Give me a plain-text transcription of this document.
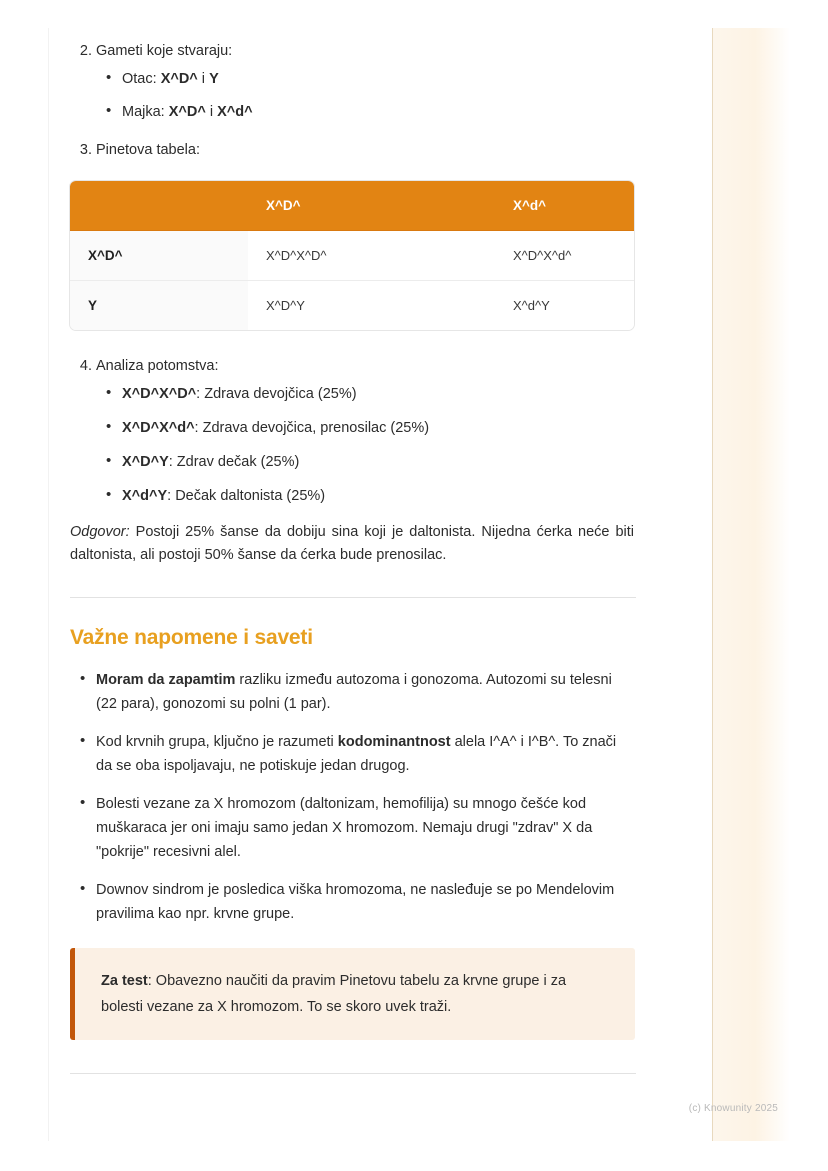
2. Gameti koje stvaraju:
• Otac: X^D^ i Y
• Majka: X^D^ i X^d^
3. Pinetova tabela:
	X^D^	X^d^
X^D^	X^D^X^D^	X^D^X^d^
Y	X^D^Y	X^d^Y
4. Analiza potomstva:
• X^D^X^D^: Zdrava devojčica (25%)
• X^D^X^d^: Zdrava devojčica, prenosilac (25%)
• X^D^Y: Zdrav dečak (25%)
• X^d^Y: Dečak daltonista (25%)

Odgovor: Postoji 25% šanse da dobiju sina koji je daltonista. Nijedna ćerka neće biti daltonista, ali postoji 50% šanse da ćerka bude prenosilac.

Važne napomene i saveti
• Moram da zapamtim razliku između autozoma i gonozoma. Autozomi su telesni (22 para), gonozomi su polni (1 par).
• Kod krvnih grupa, ključno je razumeti kodominantnost alela I^A^ i I^B^. To znači da se oba ispoljavaju, ne potiskuje jedan drugog.
• Bolesti vezane za X hromozom (daltonizam, hemofilija) su mnogo češće kod muškaraca jer oni imaju samo jedan X hromozom. Nemaju drugi "zdrav" X da "pokrije" recesivni alel.
• Downov sindrom je posledica viška hromozoma, ne nasleđuje se po Mendelovim pravilima kao npr. krvne grupe.
Za test: Obavezno naučiti da pravim Pinetovu tabelu za krvne grupe i za bolesti vezane za X hromozom. To se skoro uvek traži.
(c) Knowunity 2025
